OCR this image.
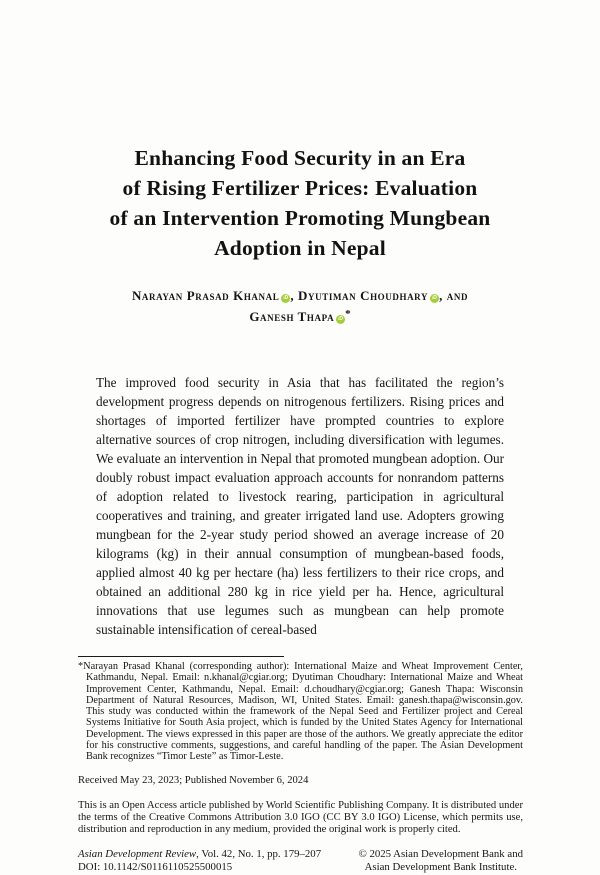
Enhancing Food Security in an Era
of Rising Fertilizer Prices: Evaluation
of an Intervention Promoting Mungbean
Adoption in Nepal
Narayan Prasad Khanal iD , Dyutiman Choudhary iD , and
Ganesh Thapa iD *

The improved food security in Asia that has facilitated the region’s development progress depends on nitrogenous fertilizers. Rising prices and shortages of imported fertilizer have prompted countries to explore alternative sources of crop nitrogen, including diversification with legumes. We evaluate an intervention in Nepal that promoted mungbean adoption. Our doubly robust impact evaluation approach accounts for nonrandom patterns of adoption related to livestock rearing, participation in agricultural cooperatives and training, and greater irrigated land use. Adopters growing mungbean for the 2-year study period showed an average increase of 20 kilograms (kg) in their annual consumption of mungbean-based foods, applied almost 40 kg per hectare (ha) less fertilizers to their rice crops, and obtained an additional 280 kg in rice yield per ha. Hence, agricultural innovations that use legumes such as mungbean can help promote sustainable intensification of cereal-based

*Narayan Prasad Khanal (corresponding author): International Maize and Wheat Improvement Center, Kathmandu, Nepal. Email: n.khanal@cgiar.org; Dyutiman Choudhary: International Maize and Wheat Improvement Center, Kathmandu, Nepal. Email: d.choudhary@cgiar.org; Ganesh Thapa: Wisconsin Department of Natural Resources, Madison, WI, United States. Email: ganesh.thapa@wisconsin.gov. This study was conducted within the framework of the Nepal Seed and Fertilizer project and Cereal Systems Initiative for South Asia project, which is funded by the United States Agency for International Development. The views expressed in this paper are those of the authors. We greatly appreciate the editor for his constructive comments, suggestions, and careful handling of the paper. The Asian Development Bank recognizes “Timor Leste” as Timor-Leste.

Received May 23, 2023; Published November 6, 2024

This is an Open Access article published by World Scientific Publishing Company. It is distributed under the terms of the Creative Commons Attribution 3.0 IGO (CC BY 3.0 IGO) License, which permits use, distribution and reproduction in any medium, provided the original work is properly cited.

Asian Development Review, Vol. 42, No. 1, pp. 179–207
DOI: 10.1142/S0116110525500015
© 2025 Asian Development Bank and
Asian Development Bank Institute.
